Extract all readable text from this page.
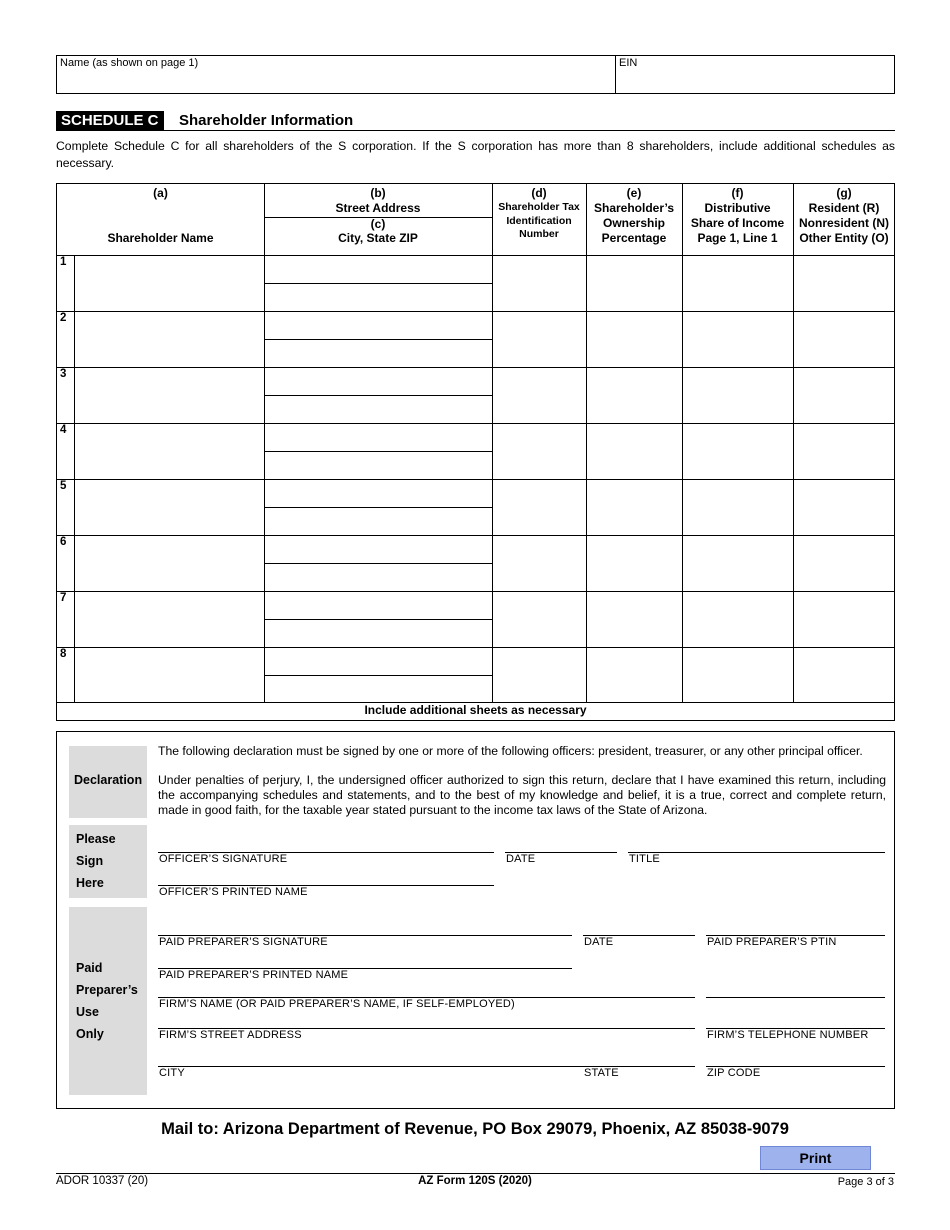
Name (as shown on page 1)	EIN
SCHEDULE C	Shareholder Information
Complete Schedule C for all shareholders of the S corporation. If the S corporation has more than 8 shareholders, include additional schedules as necessary.
(a)
Shareholder Name
(b)
Street Address
(c)
City, State ZIP
(d)
Shareholder Tax
Identification
Number
(e)
Shareholder’s
Ownership
Percentage
(f)
Distributive
Share of Income
Page 1, Line 1
(g)
Resident (R)
Nonresident (N)
Other Entity (O)
1
2
3
4
5
6
7
8
Include additional sheets as necessary
Declaration
The following declaration must be signed by one or more of the following officers: president, treasurer, or any other principal officer.
Under penalties of perjury, I, the undersigned officer authorized to sign this return, declare that I have examined this return, including the accompanying schedules and statements, and to the best of my knowledge and belief, it is a true, correct and complete return, made in good faith, for the taxable year stated pursuant to the income tax laws of the State of Arizona.
Please
Sign
Here
OFFICER’S SIGNATURE	DATE	TITLE
OFFICER’S PRINTED NAME
Paid
Preparer’s
Use
Only
PAID PREPARER’S SIGNATURE	DATE	PAID PREPARER’S PTIN
PAID PREPARER’S PRINTED NAME
FIRM’S NAME (OR PAID PREPARER’S NAME, IF SELF-EMPLOYED)
FIRM’S STREET ADDRESS	FIRM’S TELEPHONE NUMBER
CITY	STATE	ZIP CODE
Mail to: Arizona Department of Revenue, PO Box 29079, Phoenix, AZ 85038-9079
Print
ADOR 10337 (20)	AZ Form 120S (2020)	Page 3 of 3
